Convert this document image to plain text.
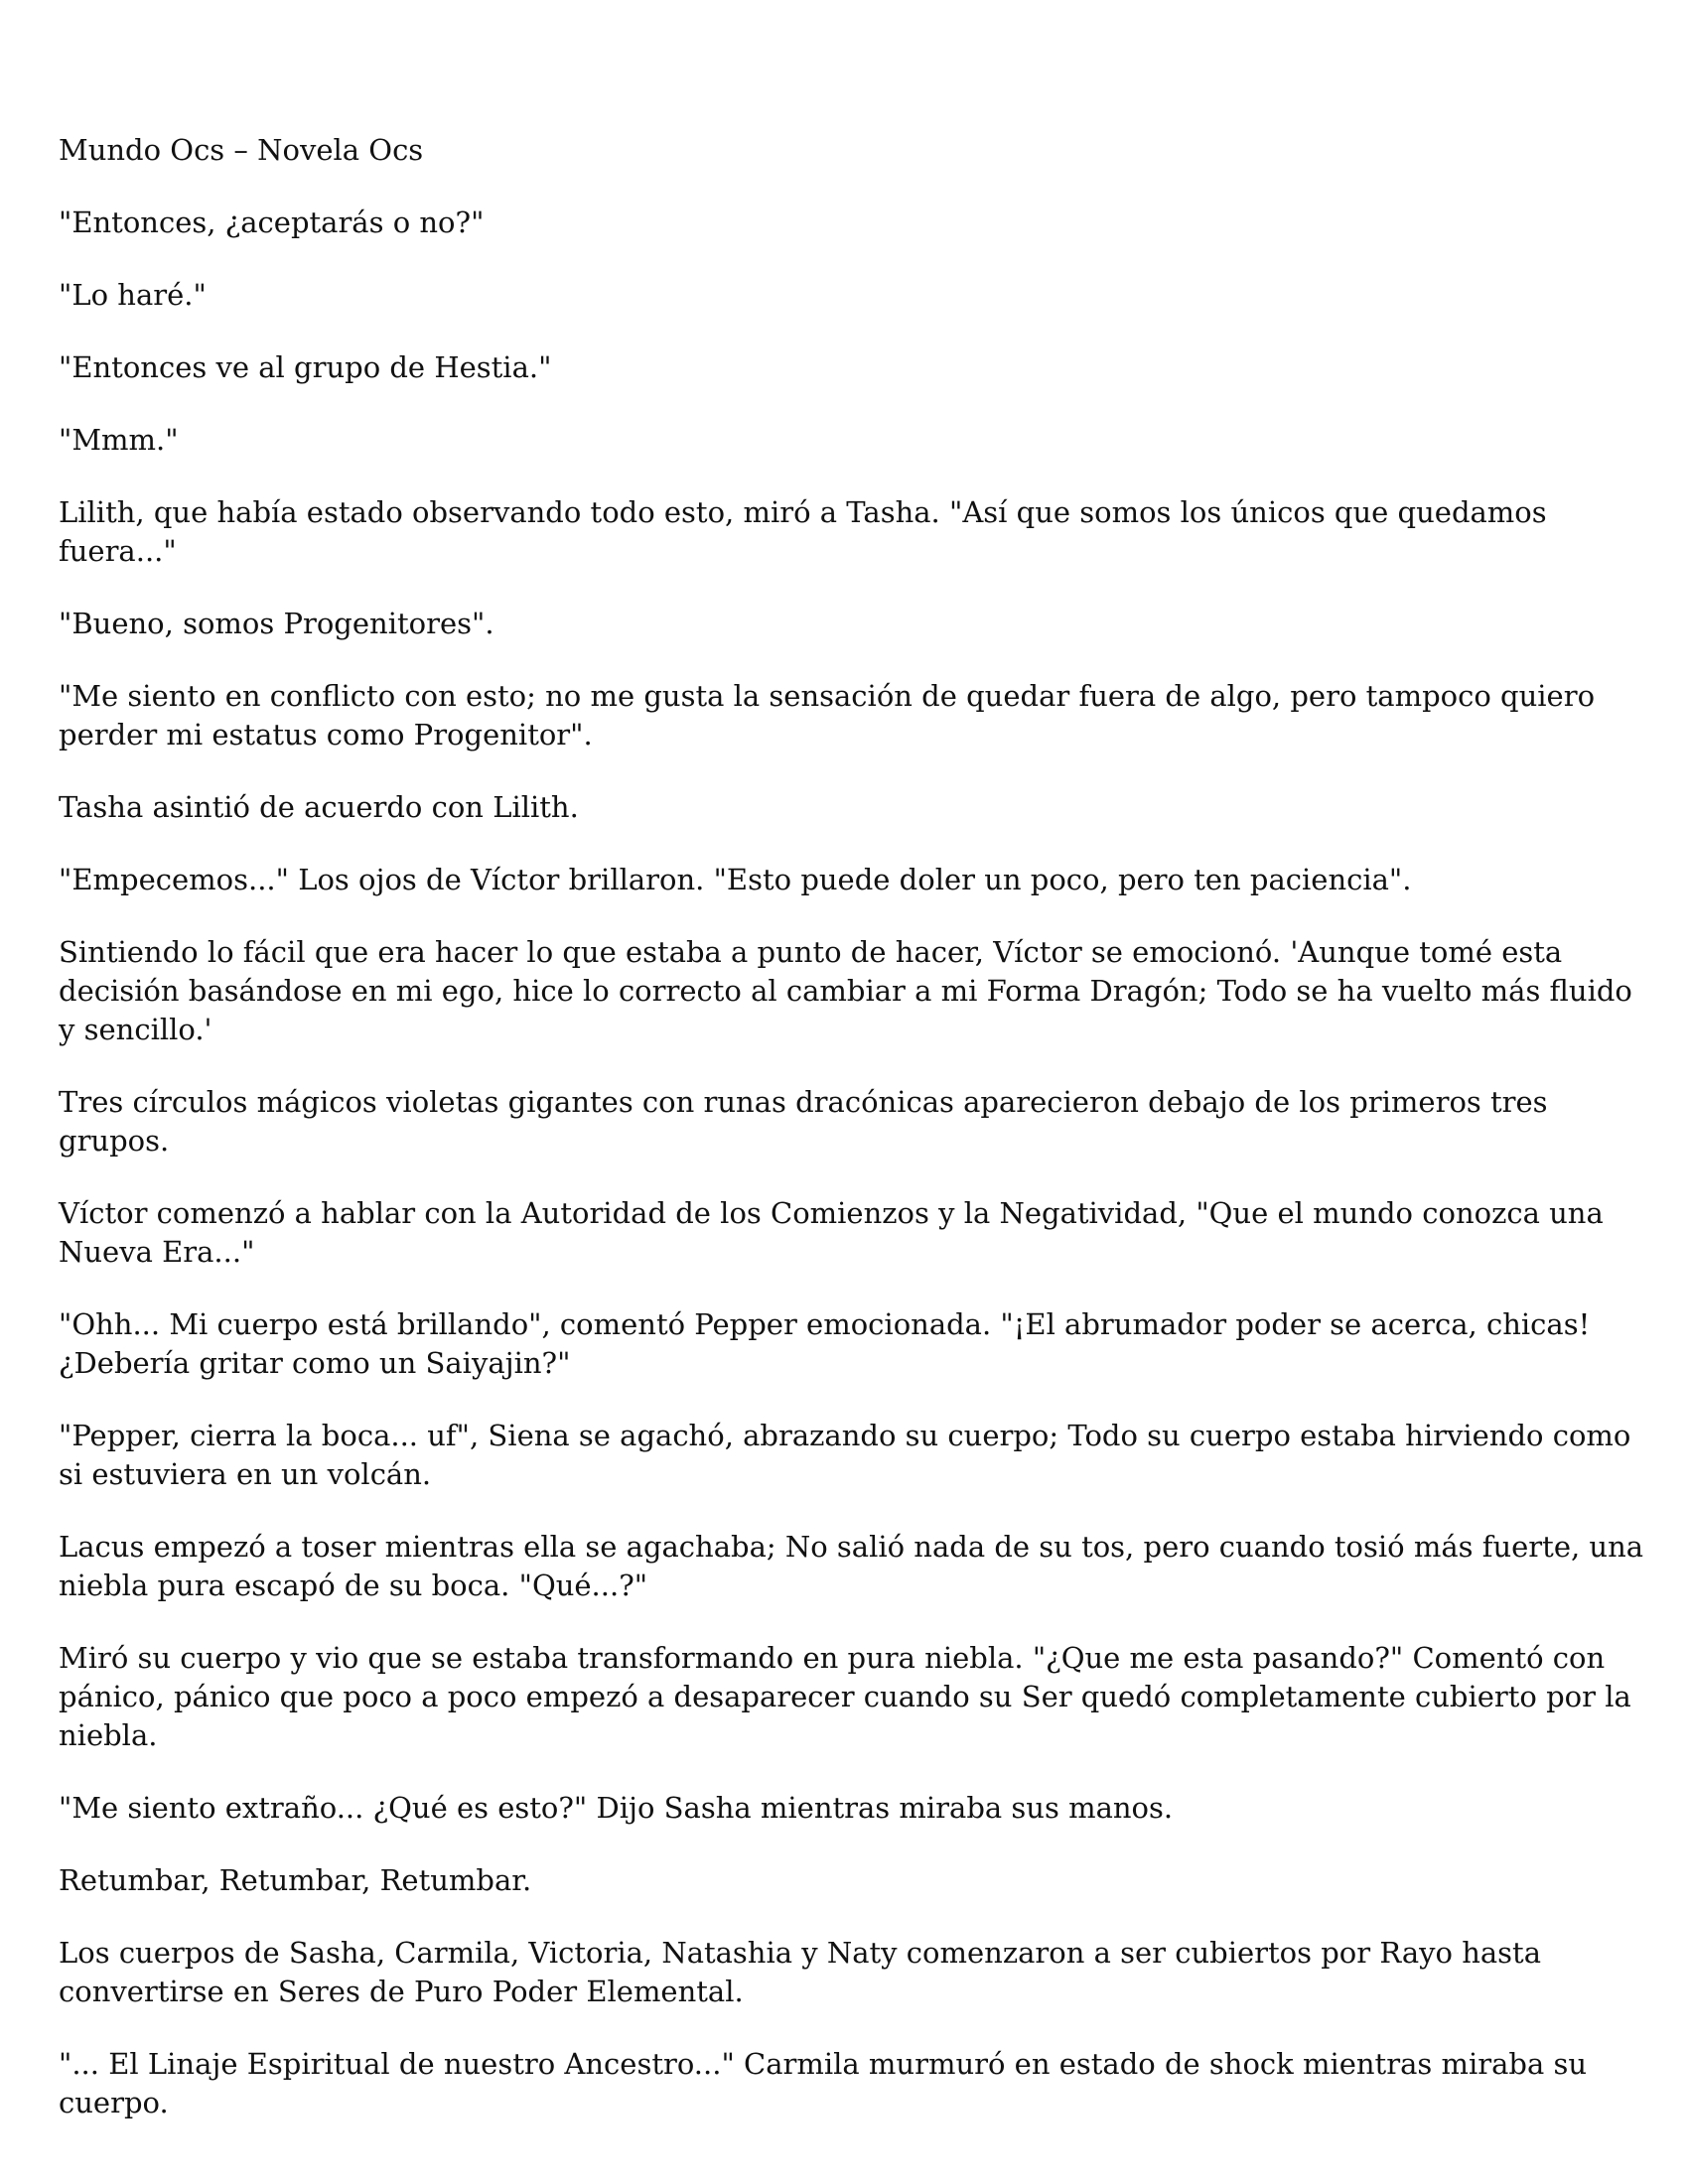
Mundo Ocs – Novela Ocs

"Entonces, ¿aceptarás o no?"

"Lo haré."

"Entonces ve al grupo de Hestia."

"Mmm."

Lilith, que había estado observando todo esto, miró a Tasha. "Así que somos los únicos que quedamos fuera..."

"Bueno, somos Progenitores".

"Me siento en conflicto con esto; no me gusta la sensación de quedar fuera de algo, pero tampoco quiero perder mi estatus como Progenitor".

Tasha asintió de acuerdo con Lilith.

"Empecemos..." Los ojos de Víctor brillaron. "Esto puede doler un poco, pero ten paciencia".

Sintiendo lo fácil que era hacer lo que estaba a punto de hacer, Víctor se emocionó. 'Aunque tomé esta decisión basándose en mi ego, hice lo correcto al cambiar a mi Forma Dragón; Todo se ha vuelto más fluido y sencillo.'

Tres círculos mágicos violetas gigantes con runas dracónicas aparecieron debajo de los primeros tres grupos.

Víctor comenzó a hablar con la Autoridad de los Comienzos y la Negatividad, "Que el mundo conozca una Nueva Era..."

"Ohh... Mi cuerpo está brillando", comentó Pepper emocionada. "¡El abrumador poder se acerca, chicas! ¿Debería gritar como un Saiyajin?"

"Pepper, cierra la boca... uf", Siena se agachó, abrazando su cuerpo; Todo su cuerpo estaba hirviendo como si estuviera en un volcán.

Lacus empezó a toser mientras ella se agachaba; No salió nada de su tos, pero cuando tosió más fuerte, una niebla pura escapó de su boca. "Qué...?"

Miró su cuerpo y vio que se estaba transformando en pura niebla. "¿Que me esta pasando?" Comentó con pánico, pánico que poco a poco empezó a desaparecer cuando su Ser quedó completamente cubierto por la niebla.

"Me siento extraño... ¿Qué es esto?" Dijo Sasha mientras miraba sus manos.

Retumbar, Retumbar, Retumbar.

Los cuerpos de Sasha, Carmila, Victoria, Natashia y Naty comenzaron a ser cubiertos por Rayo hasta convertirse en Seres de Puro Poder Elemental.

"... El Linaje Espiritual de nuestro Ancestro..." Carmila murmuró en estado de shock mientras miraba su cuerpo.
